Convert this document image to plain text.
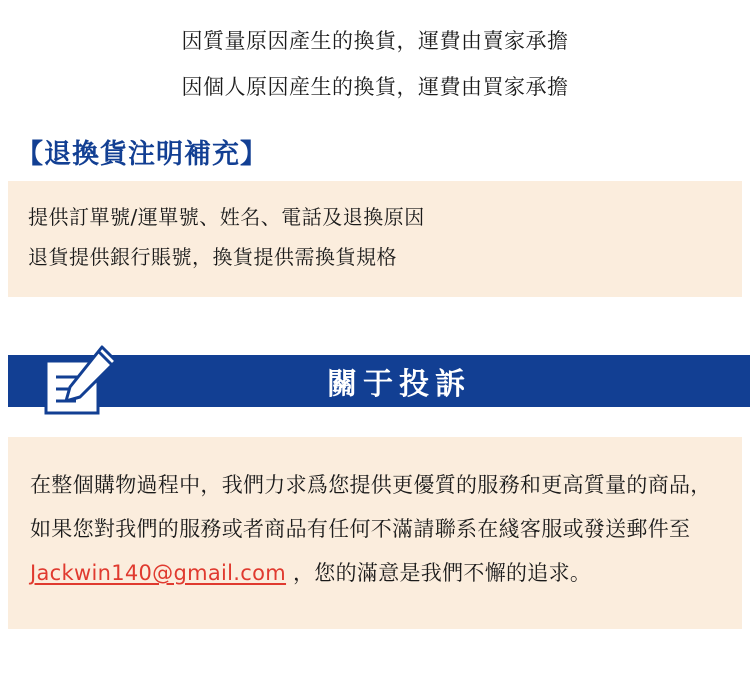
因質量原因產生的換貨，運費由賣家承擔
因個人原因産生的換貨，運費由買家承擔
【退換貨注明補充】
提供訂單號/運單號、姓名、電話及退換原因
退貨提供銀行賬號，換貨提供需換貨規格
關于投訴
在整個購物過程中，我們力求爲您提供更優質的服務和更高質量的商品，如果您對我們的服務或者商品有任何不滿請聯系在綫客服或發送郵件至 Jackwin140@gmail.com ，您的滿意是我們不懈的追求。
